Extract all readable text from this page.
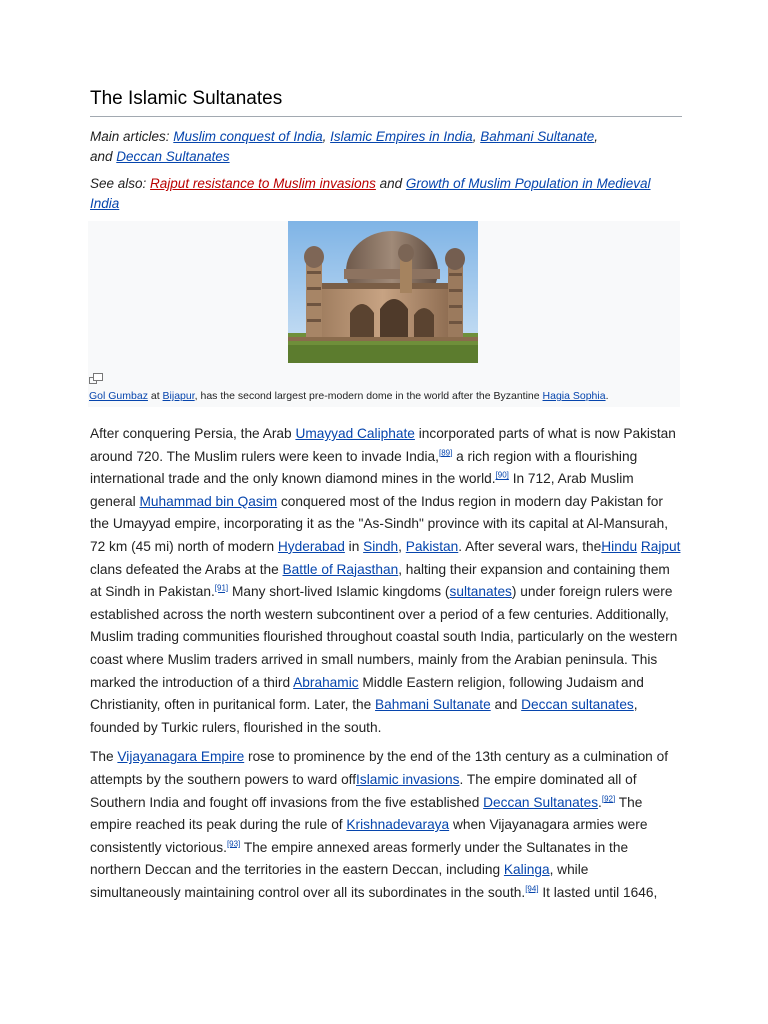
The Islamic Sultanates

Main articles: Muslim conquest of India, Islamic Empires in India, Bahmani Sultanate,
and Deccan Sultanates

See also: Rajput resistance to Muslim invasions and Growth of Muslim Population in Medieval India

Gol Gumbaz at Bijapur, has the second largest pre-modern dome in the world after the Byzantine Hagia Sophia.

After conquering Persia, the Arab Umayyad Caliphate incorporated parts of what is now Pakistan around 720. The Muslim rulers were keen to invade India,[89] a rich region with a flourishing international trade and the only known diamond mines in the world.[90] In 712, Arab Muslim general Muhammad bin Qasim conquered most of the Indus region in modern day Pakistan for the Umayyad empire, incorporating it as the "As-Sindh" province with its capital at Al-Mansurah, 72 km (45 mi) north of modern Hyderabad in Sindh, Pakistan. After several wars, theHindu Rajput clans defeated the Arabs at the Battle of Rajasthan, halting their expansion and containing them at Sindh in Pakistan.[91] Many short-lived Islamic kingdoms (sultanates) under foreign rulers were established across the north western subcontinent over a period of a few centuries. Additionally, Muslim trading communities flourished throughout coastal south India, particularly on the western coast where Muslim traders arrived in small numbers, mainly from the Arabian peninsula. This marked the introduction of a third Abrahamic Middle Eastern religion, following Judaism and Christianity, often in puritanical form. Later, the Bahmani Sultanate and Deccan sultanates, founded by Turkic rulers, flourished in the south.

The Vijayanagara Empire rose to prominence by the end of the 13th century as a culmination of attempts by the southern powers to ward offIslamic invasions. The empire dominated all of Southern India and fought off invasions from the five established Deccan Sultanates.[92] The empire reached its peak during the rule of Krishnadevaraya when Vijayanagara armies were consistently victorious.[93] The empire annexed areas formerly under the Sultanates in the northern Deccan and the territories in the eastern Deccan, including Kalinga, while simultaneously maintaining control over all its subordinates in the south.[94] It lasted until 1646,
